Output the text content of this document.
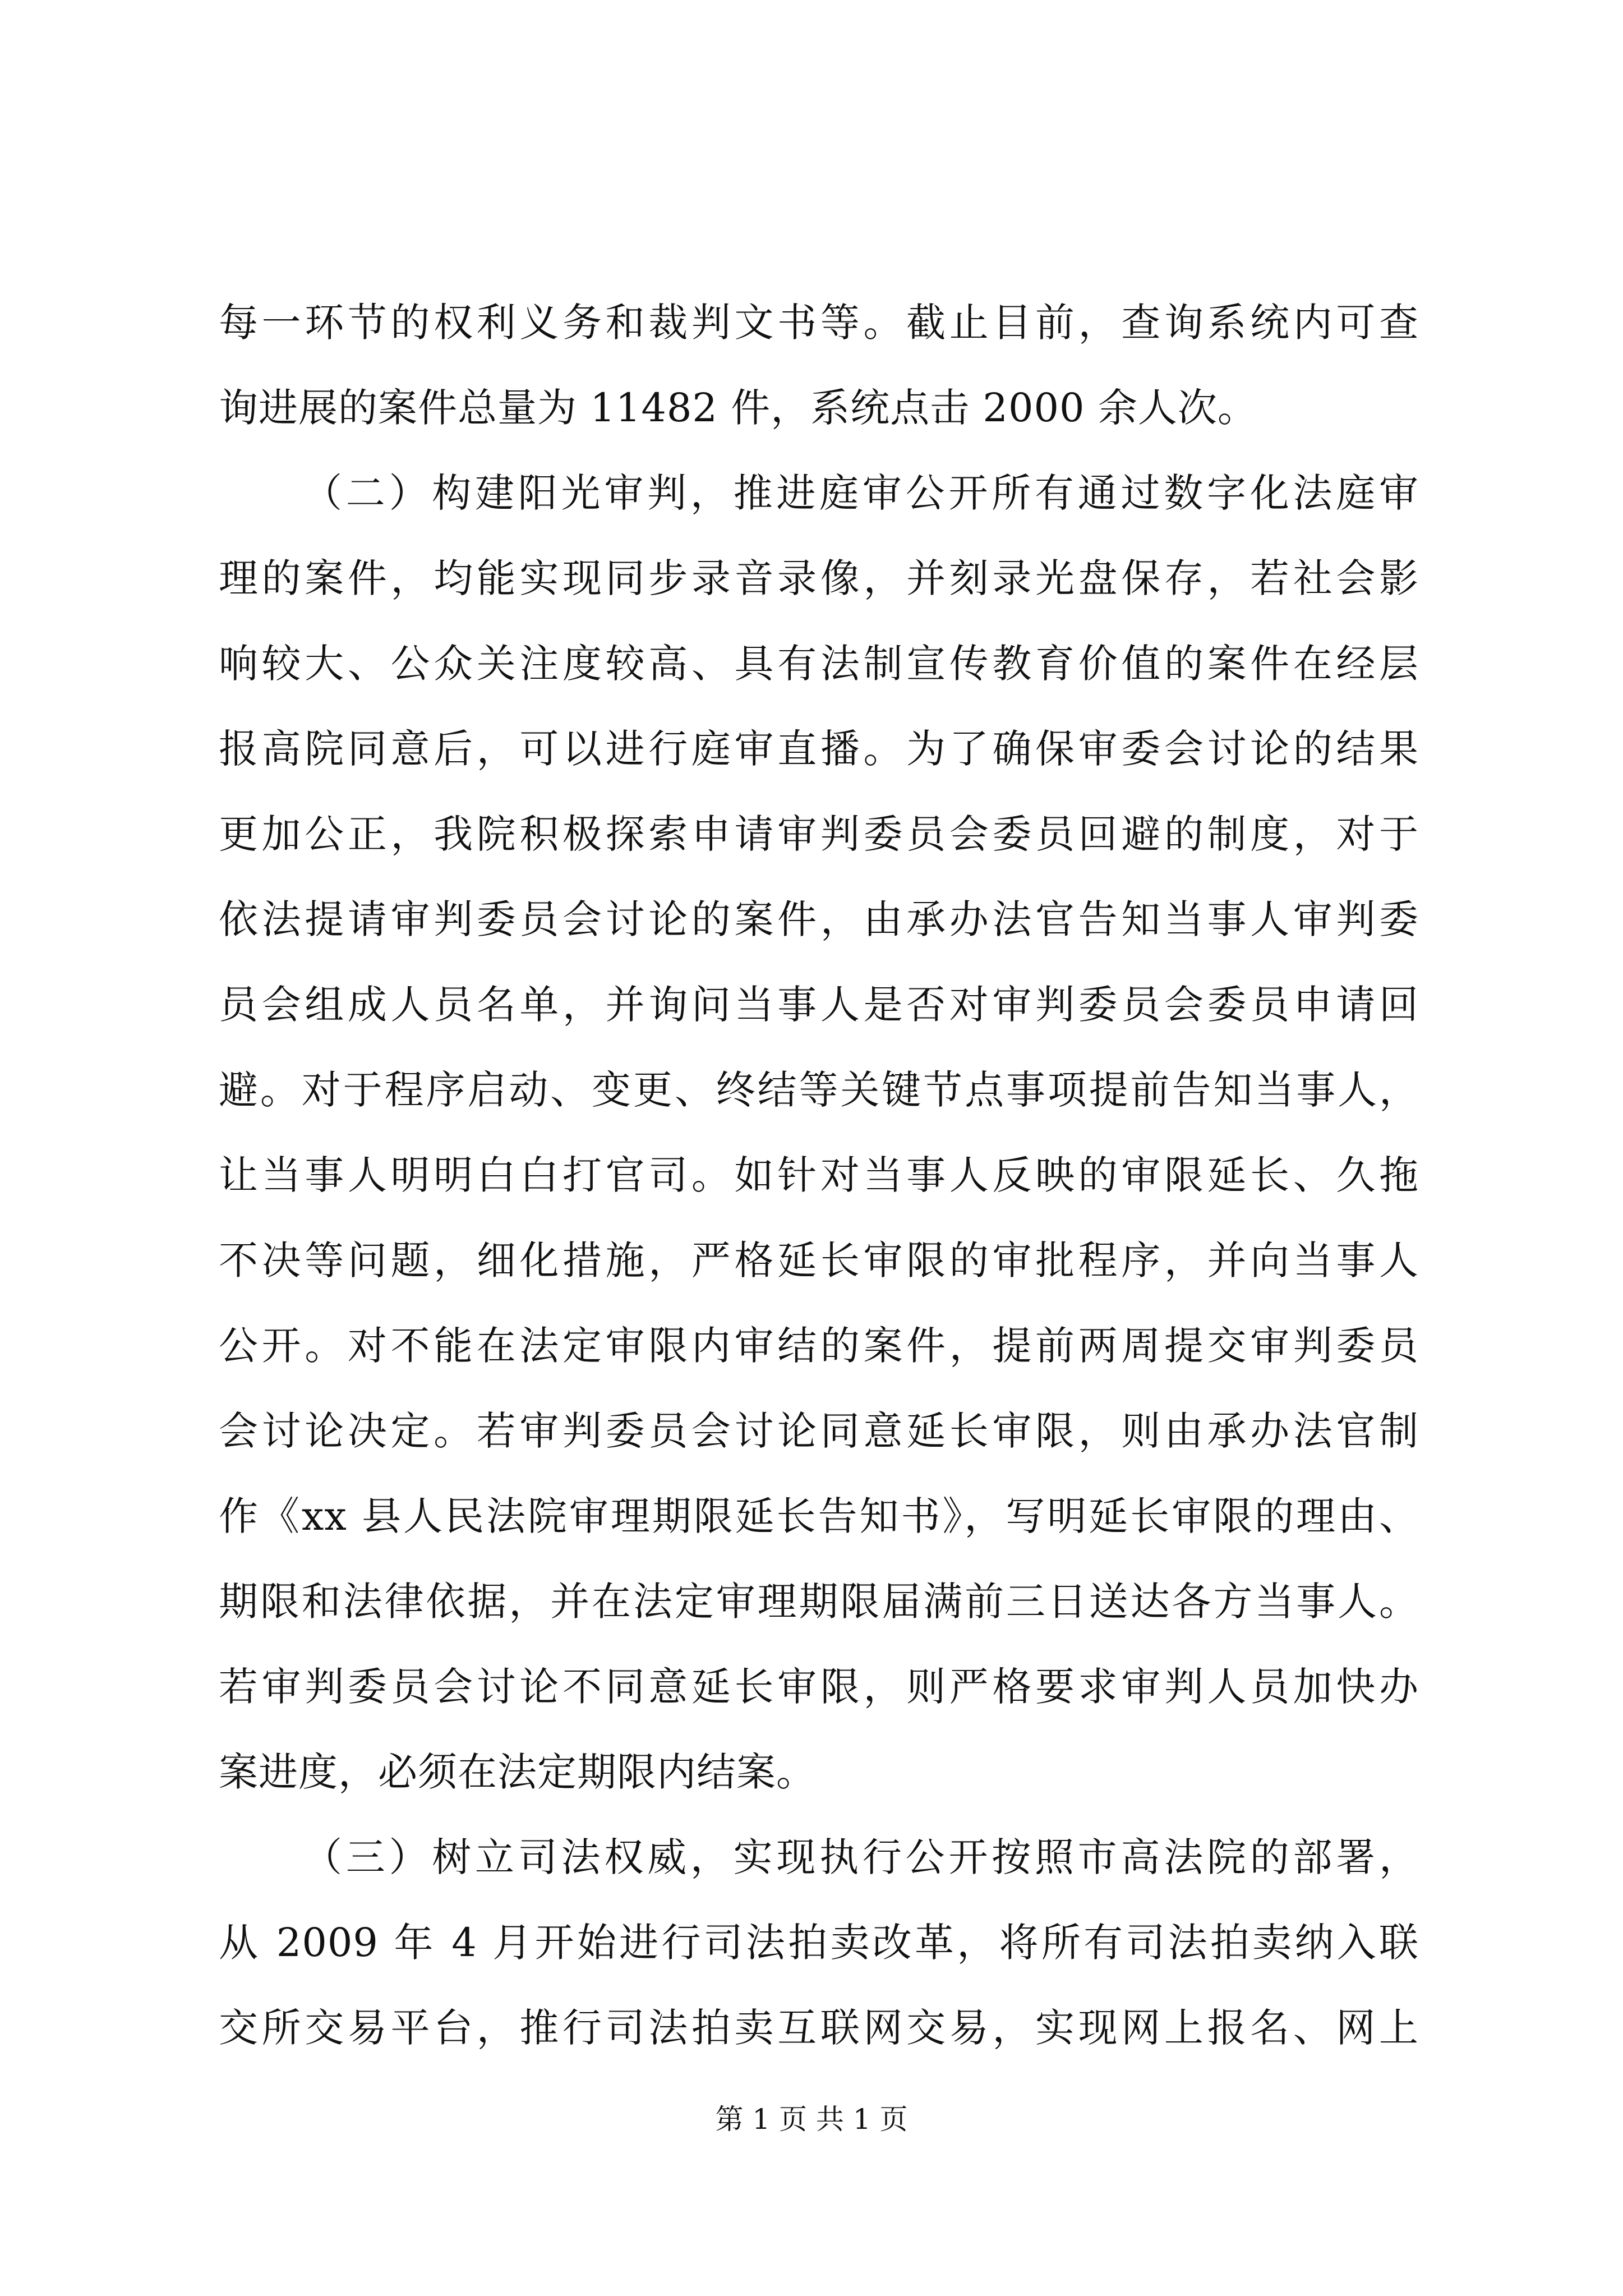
每一环节的权利义务和裁判文书等。截止目前，查询系统内可查
询进展的案件总量为 11482 件，系统点击 2000 余人次。
（二）构建阳光审判，推进庭审公开所有通过数字化法庭审
理的案件，均能实现同步录音录像，并刻录光盘保存，若社会影
响较大、公众关注度较高、具有法制宣传教育价值的案件在经层
报高院同意后，可以进行庭审直播。为了确保审委会讨论的结果
更加公正，我院积极探索申请审判委员会委员回避的制度，对于
依法提请审判委员会讨论的案件，由承办法官告知当事人审判委
员会组成人员名单，并询问当事人是否对审判委员会委员申请回
避。对于程序启动、变更、终结等关键节点事项提前告知当事人，
让当事人明明白白打官司。如针对当事人反映的审限延长、久拖
不决等问题，细化措施，严格延长审限的审批程序，并向当事人
公开。对不能在法定审限内审结的案件，提前两周提交审判委员
会讨论决定。若审判委员会讨论同意延长审限，则由承办法官制
作《xx 县人民法院审理期限延长告知书》，写明延长审限的理由、
期限和法律依据，并在法定审理期限届满前三日送达各方当事人。
若审判委员会讨论不同意延长审限，则严格要求审判人员加快办
案进度，必须在法定期限内结案。
（三）树立司法权威，实现执行公开按照市高法院的部署，
第 1 页 共 1 页
从 2009 年 4 月开始进行司法拍卖改革，将所有司法拍卖纳入联
交所交易平台，推行司法拍卖互联网交易，实现网上报名、网上
